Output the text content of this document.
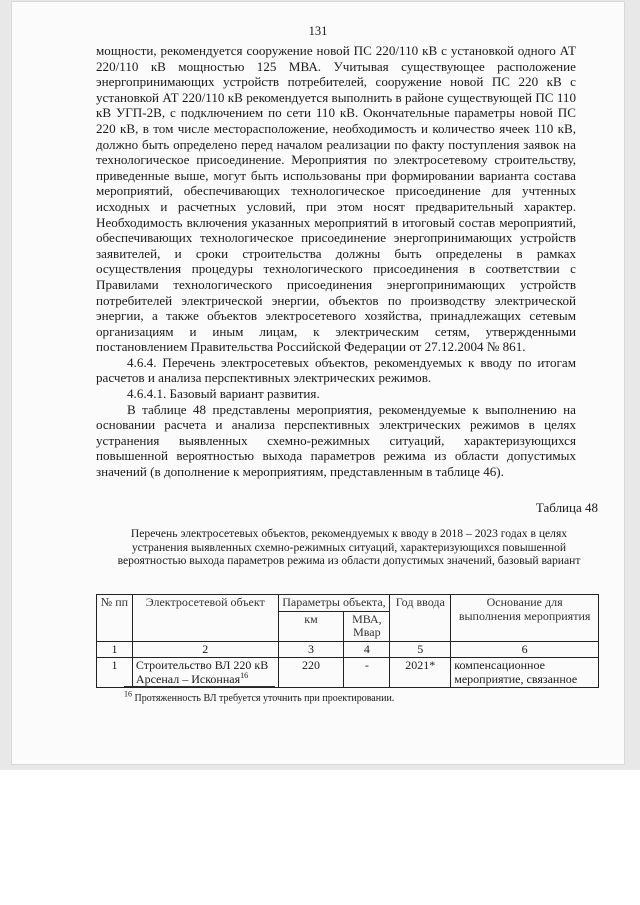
131

мощности, рекомендуется сооружение новой ПС 220/110 кВ с установкой одного АТ 220/110 кВ мощностью 125 МВА. Учитывая существующее расположение энергопринимающих устройств потребителей, сооружение новой ПС 220 кВ с установкой АТ 220/110 кВ рекомендуется выполнить в районе существующей ПС 110 кВ УГП-2В, с подключением по сети 110 кВ. Окончательные параметры новой ПС 220 кВ, в том числе месторасположение, необходимость и количество ячеек 110 кВ, должно быть определено перед началом реализации по факту поступления заявок на технологическое присоединение. Мероприятия по электросетевому строительству, приведенные выше, могут быть использованы при формировании варианта состава мероприятий, обеспечивающих технологическое присоединение для учтенных исходных и расчетных условий, при этом носят предварительный характер. Необходимость включения указанных мероприятий в итоговый состав мероприятий, обеспечивающих технологическое присоединение энергопринимающих устройств заявителей, и сроки строительства должны быть определены в рамках осуществления процедуры технологического присоединения в соответствии с Правилами технологического присоединения энергопринимающих устройств потребителей электрической энергии, объектов по производству электрической энергии, а также объектов электросетевого хозяйства, принадлежащих сетевым организациям и иным лицам, к электрическим сетям, утвержденными постановлением Правительства Российской Федерации от 27.12.2004 № 861.

4.6.4. Перечень электросетевых объектов, рекомендуемых к вводу по итогам расчетов и анализа перспективных электрических режимов.

4.6.4.1. Базовый вариант развития.

В таблице 48 представлены мероприятия, рекомендуемые к выполнению на основании расчета и анализа перспективных электрических режимов в целях устранения выявленных схемно-режимных ситуаций, характеризующихся повышенной вероятностью выхода параметров режима из области допустимых значений (в дополнение к мероприятиям, представленным в таблице 46).

Таблица 48
Перечень электросетевых объектов, рекомендуемых к вводу в 2018 – 2023 годах в целях устранения выявленных схемно-режимных ситуаций, характеризующихся повышенной вероятностью выхода параметров режима из области допустимых значений, базовый вариант
№ пп	Электросетевой объект	Параметры объекта,		Год ввода	Основание для выполнения мероприятия
		км	МВА, Мвар		
1	2	3	4	5	6
1	Строительство ВЛ 220 кВ Арсенал – Исконная$^{16}$	220	-	2021*	компенсационное мероприятие, связанное
$^{16}$ Протяженность ВЛ требуется уточнить при проектировании.
